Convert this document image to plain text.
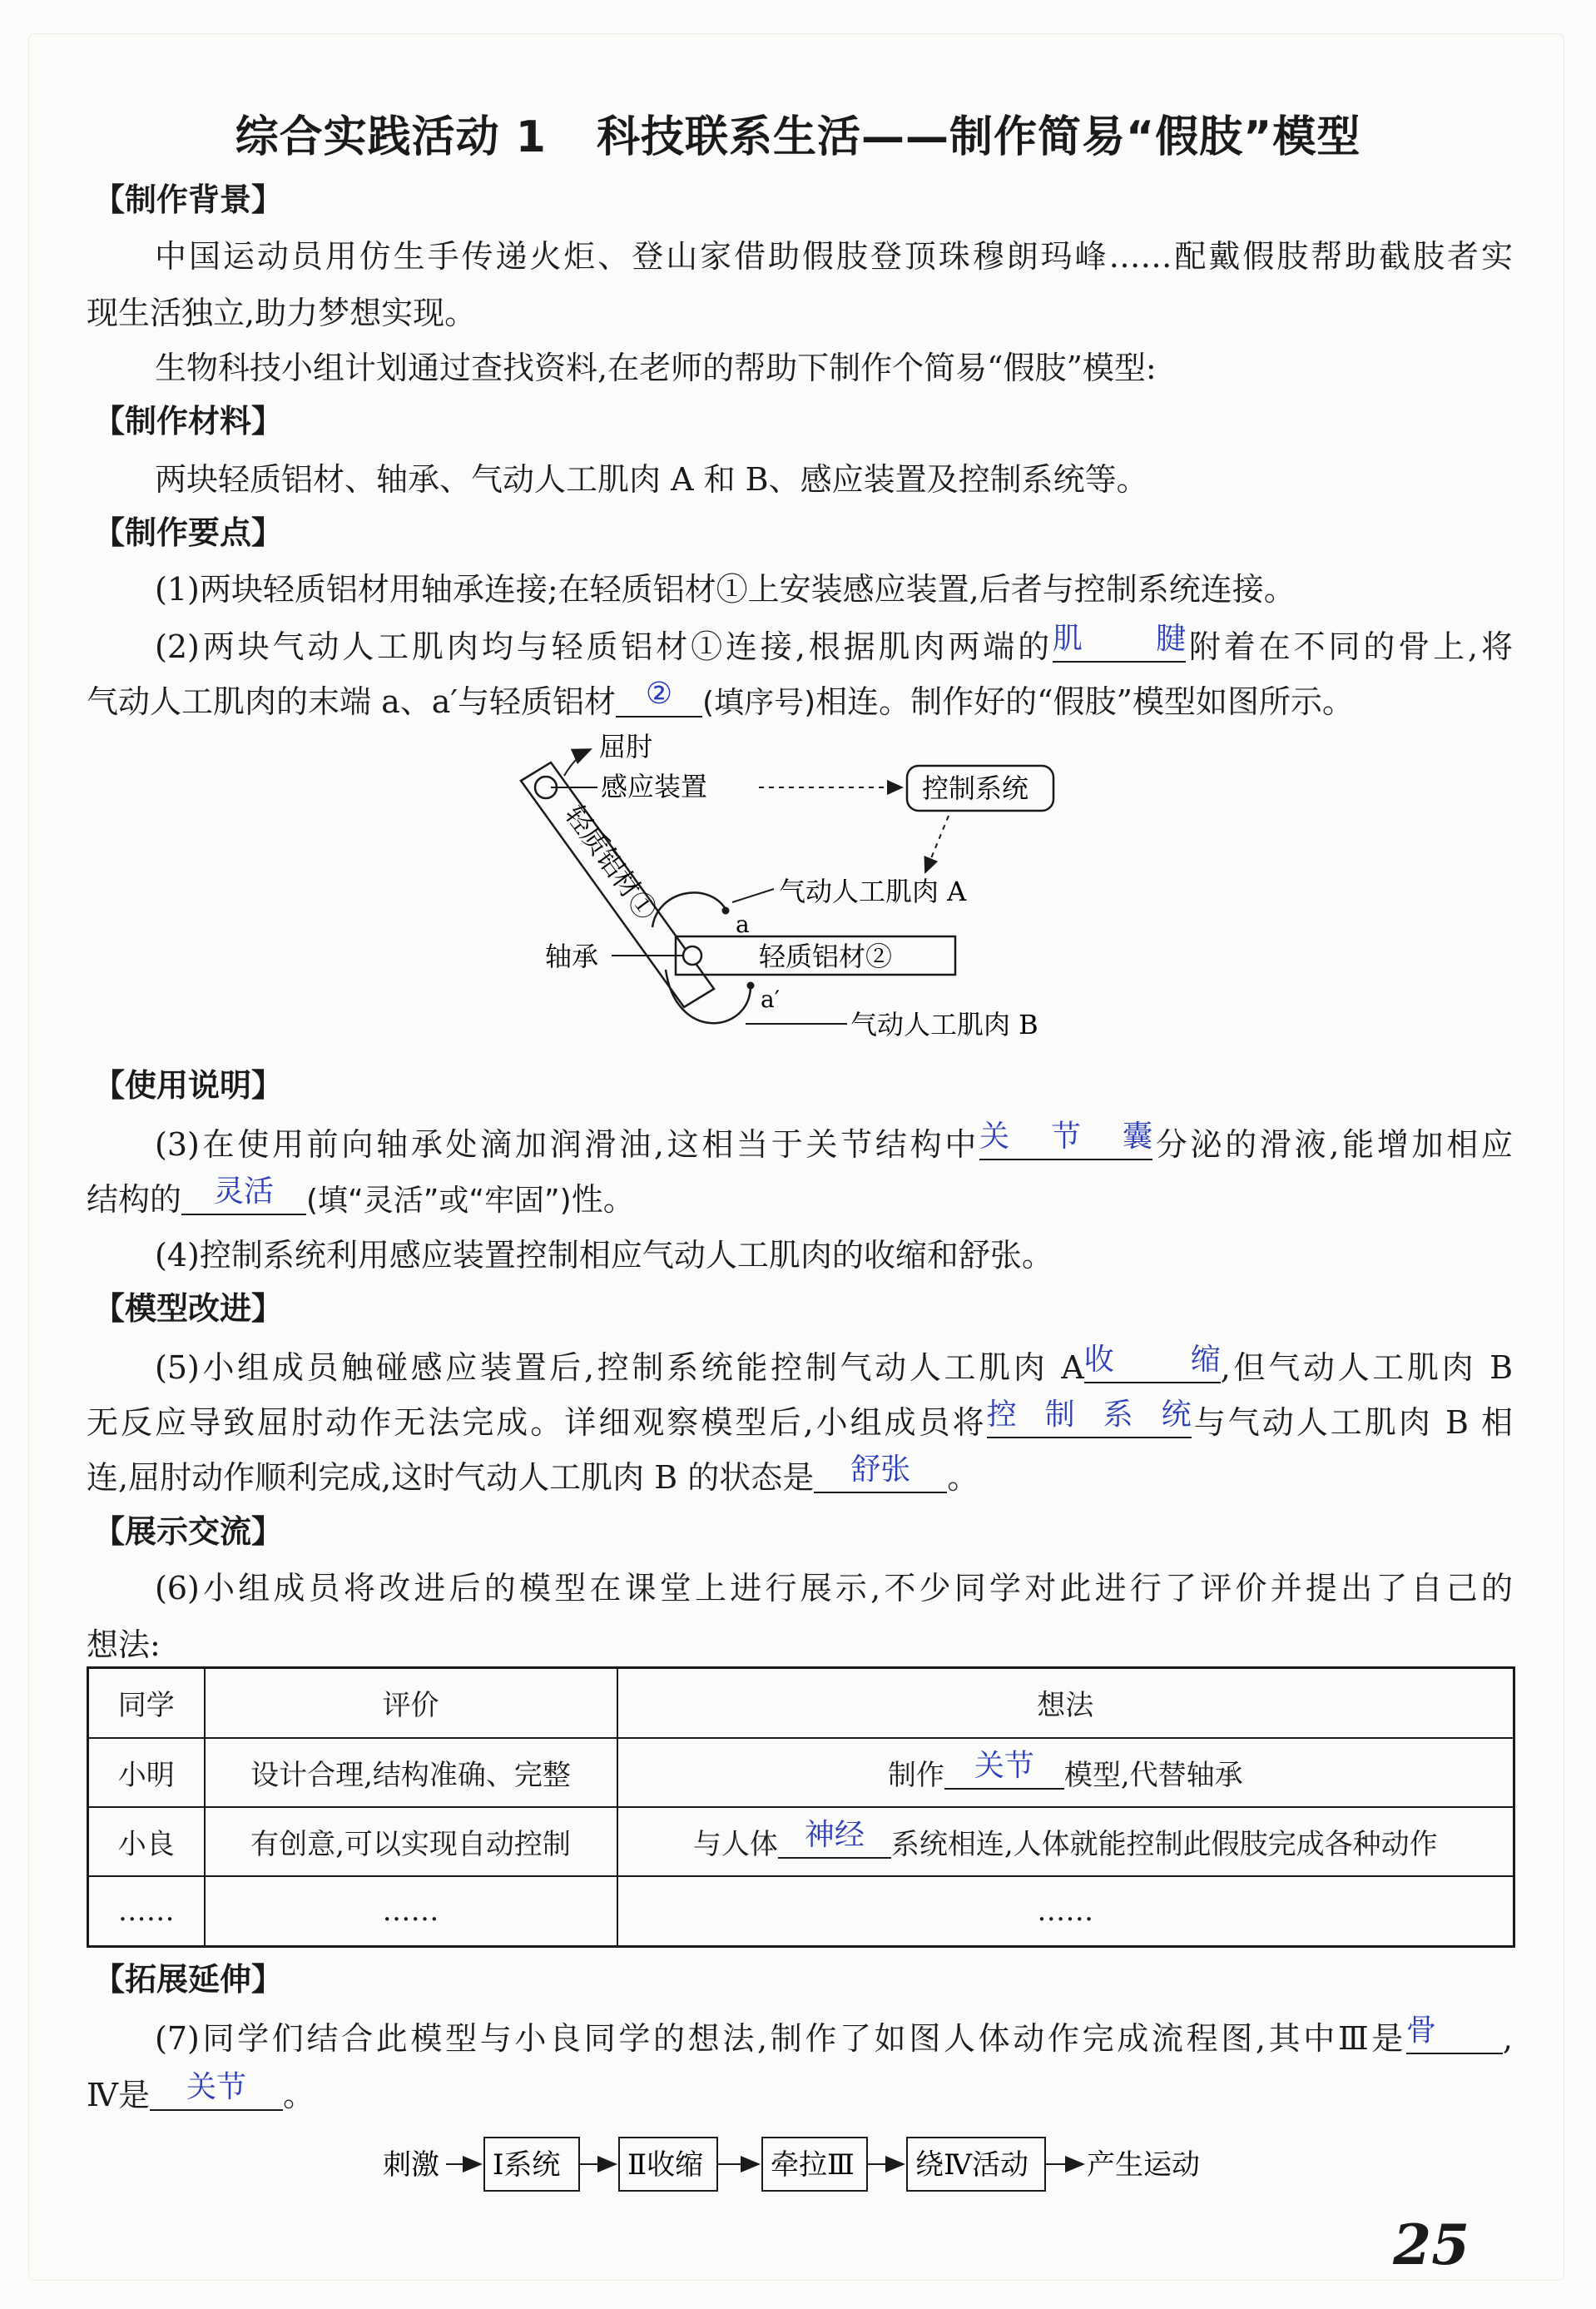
综合实践活动 1 科技联系生活——制作简易“假肢”模型
【制作背景】
中国运动员用仿生手传递火炬、登山家借助假肢登顶珠穆朗玛峰……配戴假肢帮助截肢者实
现生活独立,助力梦想实现。
生物科技小组计划通过查找资料,在老师的帮助下制作个简易“假肢”模型:
【制作材料】
两块轻质铝材、轴承、气动人工肌肉 A 和 B、感应装置及控制系统等。
【制作要点】
(1)两块轻质铝材用轴承连接;在轻质铝材①上安装感应装置,后者与控制系统连接。
(2)两块气动人工肌肉均与轻质铝材①连接,根据肌肉两端的 肌腱 附着在不同的骨上,将
气动人工肌肉的末端 a、a′与轻质铝材 ② (填序号)相连。制作好的“假肢”模型如图所示。
轻质铝材①
轻质铝材②
轴承
屈肘
感应装置	控制系统
a
气动人工肌肉 A
a′
气动人工肌肉 B
【使用说明】
(3)在使用前向轴承处滴加润滑油,这相当于关节结构中 关节囊 分泌的滑液,能增加相应
结构的	灵活	(填“灵活”或“牢固”)性。
(4)控制系统利用感应装置控制相应气动人工肌肉的收缩和舒张。
【模型改进】
(5)小组成员触碰感应装置后,控制系统能控制气动人工肌肉 A 收缩 ,但气动人工肌肉 B
无反应导致屈肘动作无法完成。详细观察模型后,小组成员将 控制系统 与气动人工肌肉 B 相
连,屈肘动作顺利完成,这时气动人工肌肉 B 的状态是	舒张	。
【展示交流】
(6)小组成员将改进后的模型在课堂上进行展示,不少同学对此进行了评价并提出了自己的
想法:
同学	评价	想法
小明	设计合理,结构准确、完整	制作 关节 模型,代替轴承
小良	有创意,可以实现自动控制	与人体 神经 系统相连,人体就能控制此假肢完成各种动作
……	……	……
【拓展延伸】
(7)同学们结合此模型与小良同学的想法,制作了如图人体动作完成流程图,其中Ⅲ是 骨	,
Ⅳ是	关节	。
刺激 Ⅰ系统 Ⅱ收缩 牵拉Ⅲ 绕Ⅳ活动 产生运动
25
